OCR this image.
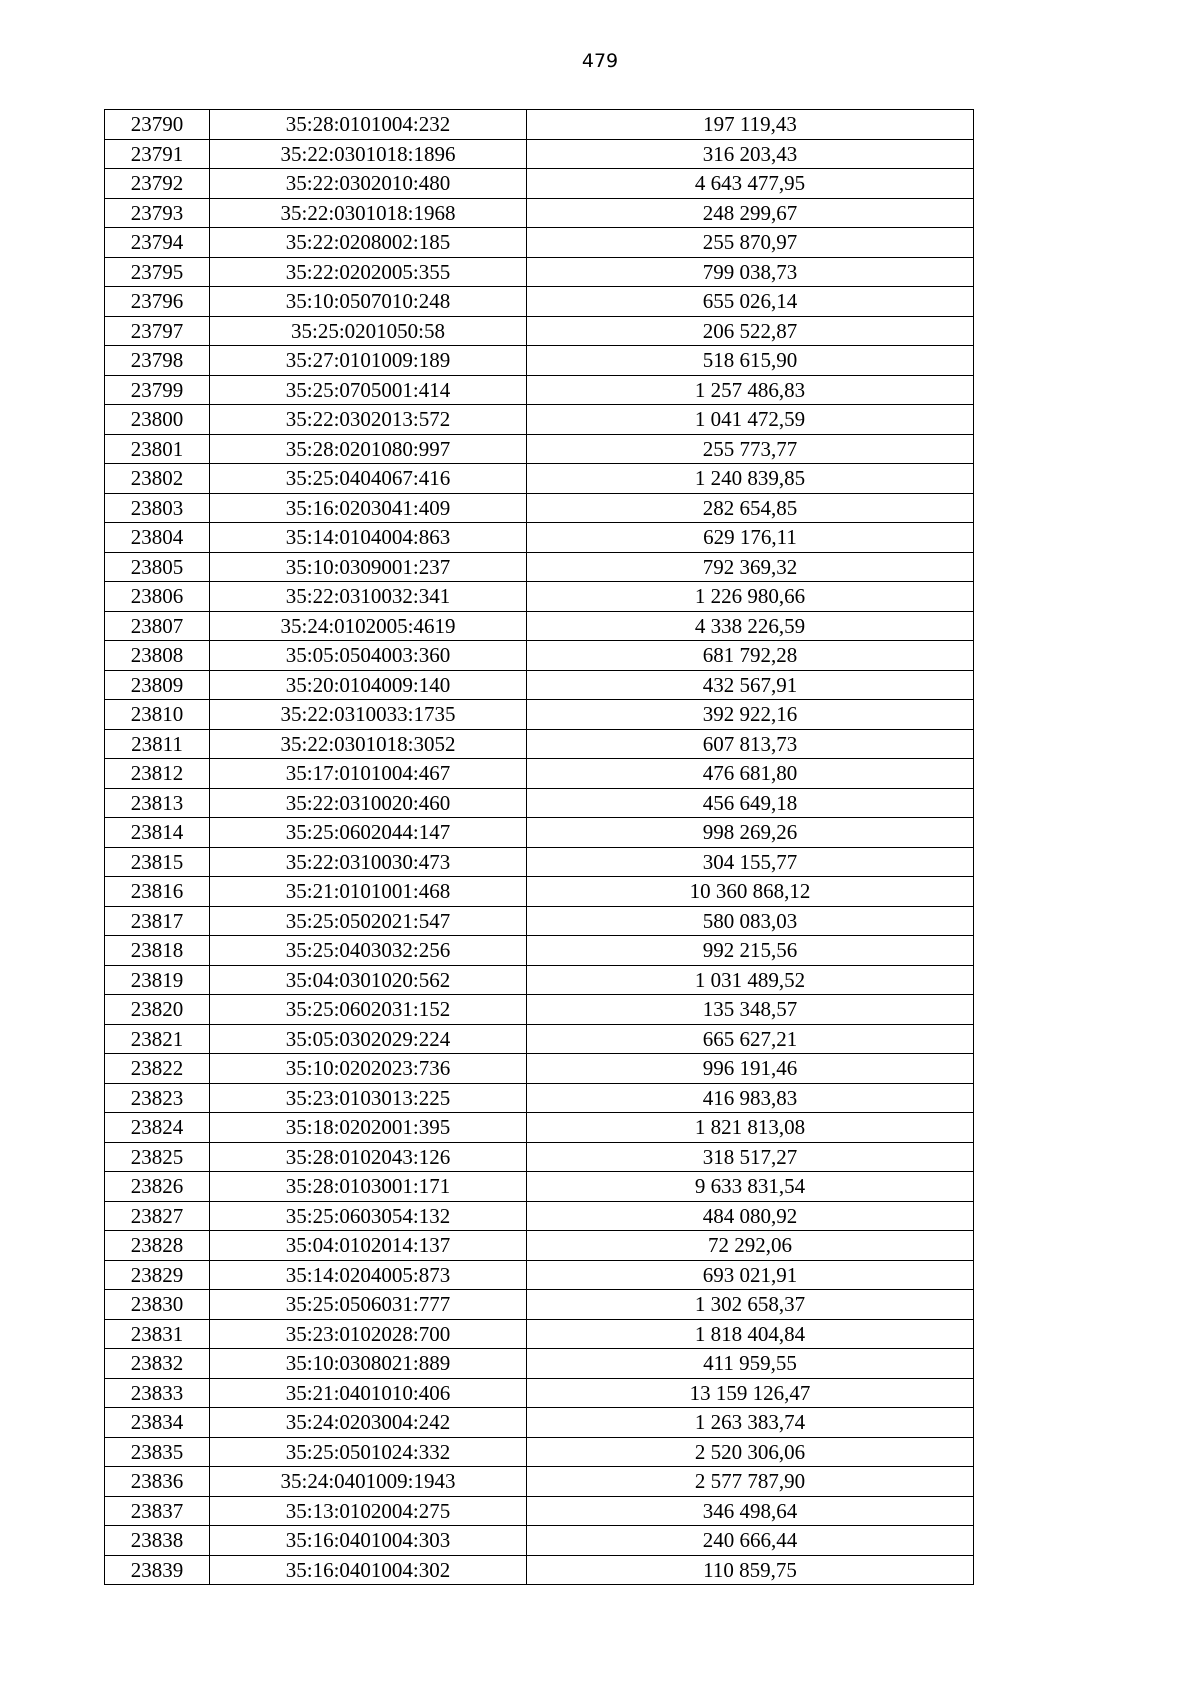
479
23790	35:28:0101004:232	197 119,43
23791	35:22:0301018:1896	316 203,43
23792	35:22:0302010:480	4 643 477,95
23793	35:22:0301018:1968	248 299,67
23794	35:22:0208002:185	255 870,97
23795	35:22:0202005:355	799 038,73
23796	35:10:0507010:248	655 026,14
23797	35:25:0201050:58	206 522,87
23798	35:27:0101009:189	518 615,90
23799	35:25:0705001:414	1 257 486,83
23800	35:22:0302013:572	1 041 472,59
23801	35:28:0201080:997	255 773,77
23802	35:25:0404067:416	1 240 839,85
23803	35:16:0203041:409	282 654,85
23804	35:14:0104004:863	629 176,11
23805	35:10:0309001:237	792 369,32
23806	35:22:0310032:341	1 226 980,66
23807	35:24:0102005:4619	4 338 226,59
23808	35:05:0504003:360	681 792,28
23809	35:20:0104009:140	432 567,91
23810	35:22:0310033:1735	392 922,16
23811	35:22:0301018:3052	607 813,73
23812	35:17:0101004:467	476 681,80
23813	35:22:0310020:460	456 649,18
23814	35:25:0602044:147	998 269,26
23815	35:22:0310030:473	304 155,77
23816	35:21:0101001:468	10 360 868,12
23817	35:25:0502021:547	580 083,03
23818	35:25:0403032:256	992 215,56
23819	35:04:0301020:562	1 031 489,52
23820	35:25:0602031:152	135 348,57
23821	35:05:0302029:224	665 627,21
23822	35:10:0202023:736	996 191,46
23823	35:23:0103013:225	416 983,83
23824	35:18:0202001:395	1 821 813,08
23825	35:28:0102043:126	318 517,27
23826	35:28:0103001:171	9 633 831,54
23827	35:25:0603054:132	484 080,92
23828	35:04:0102014:137	72 292,06
23829	35:14:0204005:873	693 021,91
23830	35:25:0506031:777	1 302 658,37
23831	35:23:0102028:700	1 818 404,84
23832	35:10:0308021:889	411 959,55
23833	35:21:0401010:406	13 159 126,47
23834	35:24:0203004:242	1 263 383,74
23835	35:25:0501024:332	2 520 306,06
23836	35:24:0401009:1943	2 577 787,90
23837	35:13:0102004:275	346 498,64
23838	35:16:0401004:303	240 666,44
23839	35:16:0401004:302	110 859,75
